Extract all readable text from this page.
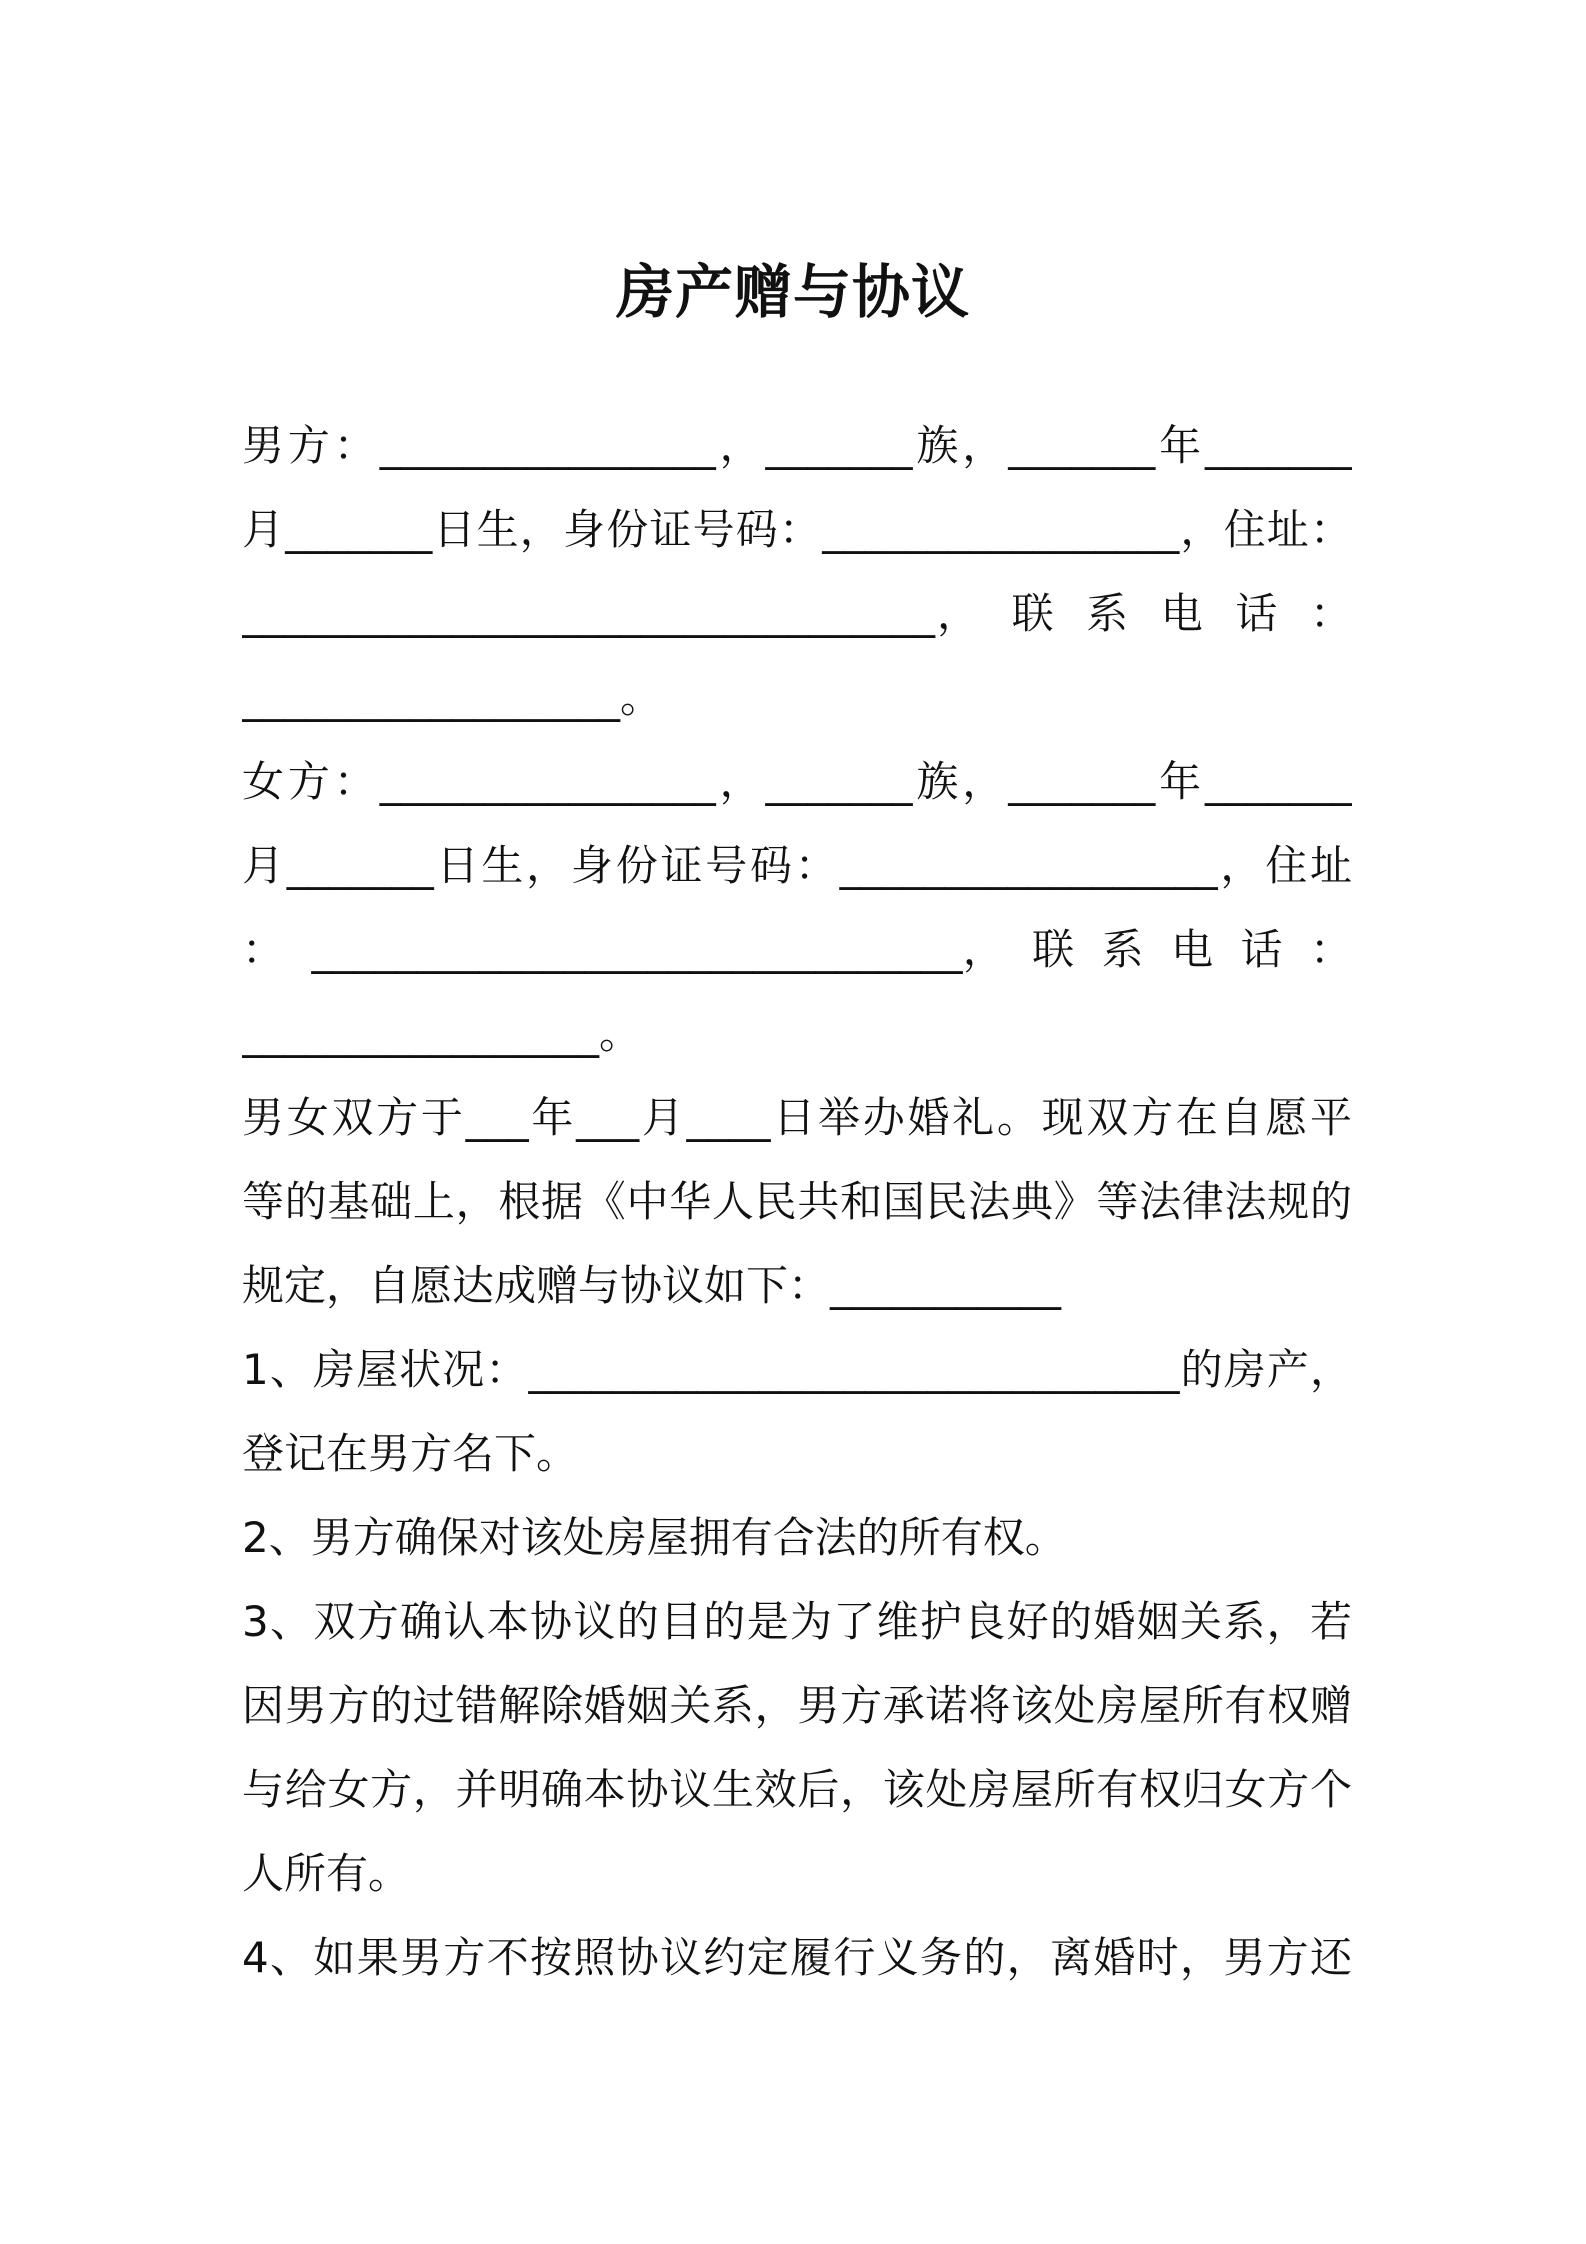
房产赠与协议
男方：________________，_______族，_______年_______
月_______日生，身份证号码：_________________，住址：
_________________________________，  联  系  电  话  ：
__________________。
女方：________________，_______族，_______年_______
月_______日生，身份证号码：__________________，住址
：  _______________________________，  联  系  电  话  ：
_________________。
男女双方于___年___月____日举办婚礼。现双方在自愿平
等的基础上，根据《中华人民共和国民法典》等法律法规的
规定，自愿达成赠与协议如下：___________
1、房屋状况：_______________________________的房产，
登记在男方名下。
2、男方确保对该处房屋拥有合法的所有权。
3、双方确认本协议的目的是为了维护良好的婚姻关系，若
因男方的过错解除婚姻关系，男方承诺将该处房屋所有权赠
与给女方，并明确本协议生效后，该处房屋所有权归女方个
人所有。
4、如果男方不按照协议约定履行义务的，离婚时，男方还
